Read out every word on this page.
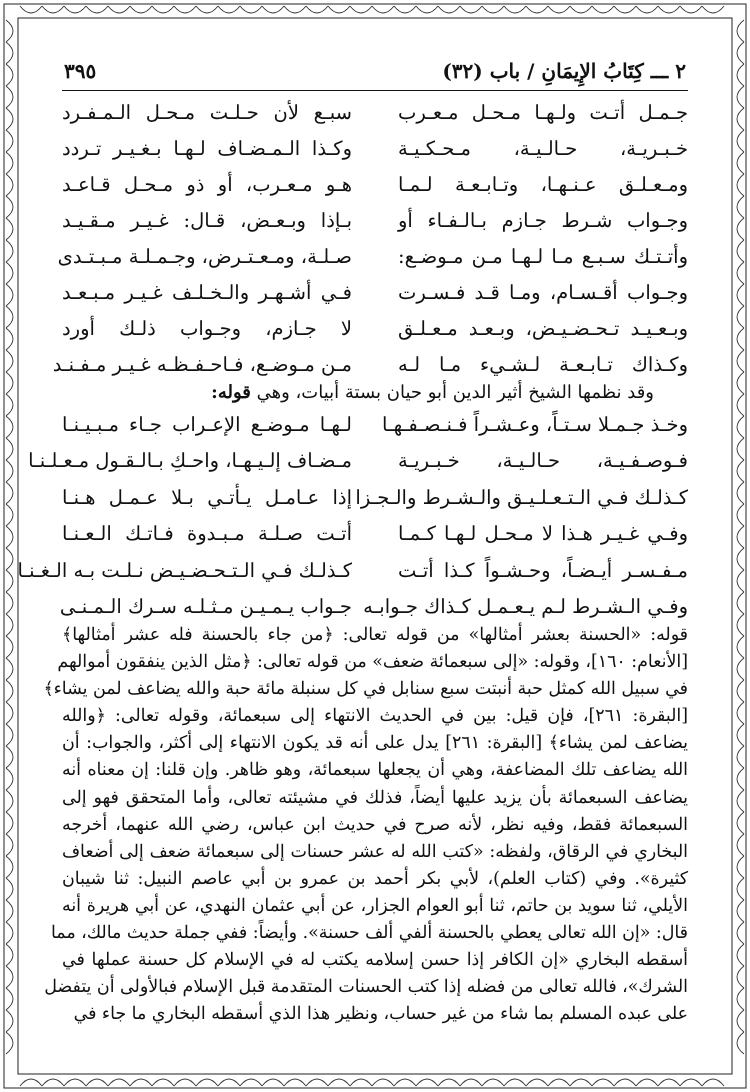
٢ ـــ كِتَابُ الإِيمَانِ / باب (٣٢)
٣٩٥
جـمـل أتـت ولـهـا مـحـل مـعـرب
سبـع لأن حـلـت مـحـل الـمـفـرد
خـبـريـة، حـالـيـة، مـحـكـيـة
وكـذا الـمـضـاف لـهـا بـغـيـر تـردد
ومـعـلـق عـنـهـا، وتـابـعـة لـمـا
هـو مـعـرب، أو ذو مـحـل قـاعـد
وجـواب شـرط جـازم بـالـفـاء أو
بـإذا وبـعـض، قـال: غـيـر مـقـيـد
وأتـتـك سـبـع مـا لـهـا مـن مـوضـع:
صـلـة، ومـعـتـرض، وجـمـلـة مـبـتـدى
وجـواب أقـسـام، ومـا قـد فـسـرت
فـي أشـهـر والـخـلـف غـيـر مـبـعـد
وبـعـيـد تـحـضـيـض، وبـعـد مـعـلـق
لا جـازم، وجـواب ذلـك أورد
وكـذاك تـابـعـة لـشـيء مـا لـه
مـن مـوضـع، فـاحـفـظـه غـيـر مـفـنـد
وقد نظمها الشيخ أثير الدين أبو حيان بستة أبيات، وهي قوله:
وخـذ جـمـلا سـتـاً، وعـشـراً فـنـصـفـهـا
لـهـا مـوضـع الإعـراب جـاء مـبـيـنـا
فـوصـفـيـة، حـالـيـة، خـبـريـة
مـضـاف إلـيـهـا، واحـكِ بـالـقـول مـعـلـنـا
كـذلـك فـي الـتـعـلـيـق والـشـرط والـجـزا
إذا عـامـل يـأتـي بـلا عـمـل هـنـا
وفـي غـيـر هـذا لا مـحـل لـهـا كـمـا
أتـت صـلـة مـبـدوة فـاتـك الـعـنـا
مـفـسـر أيـضـاً، وحـشـواً كـذا أتـت
كـذلـك فـي الـتـحـضـيـض نـلـت بـه الـغـنـا
وفـي الـشـرط لـم يـعـمـل كـذاك جـوابـه
جـواب يـمـيـن مـثـلـه سـرك الـمـنـى
قوله: «الحسنة بعشر أمثالها» من قوله تعالى: ﴿من جاء بالحسنة فله عشر أمثالها﴾
[الأنعام: ١٦٠]، وقوله: «إلى سبعمائة ضعف» من قوله تعالى: ﴿مثل الذين ينفقون أموالهم
في سبيل الله كمثل حبة أنبتت سبع سنابل في كل سنبلة مائة حبة والله يضاعف لمن يشاء﴾
[البقرة: ٢٦١]، فإن قيل: بين في الحديث الانتهاء إلى سبعمائة، وقوله تعالى: ﴿والله
يضاعف لمن يشاء﴾ [البقرة: ٢٦١] يدل على أنه قد يكون الانتهاء إلى أكثر، والجواب: أن
الله يضاعف تلك المضاعفة، وهي أن يجعلها سبعمائة، وهو ظاهر. وإن قلنا: إن معناه أنه
يضاعف السبعمائة بأن يزيد عليها أيضاً، فذلك في مشيئته تعالى، وأما المتحقق فهو إلى
السبعمائة فقط، وفيه نظر، لأنه صرح في حديث ابن عباس، رضي الله عنهما، أخرجه
البخاري في الرقاق، ولفظه: «كتب الله له عشر حسنات إلى سبعمائة ضعف إلى أضعاف
كثيرة». وفي (كتاب العلم)، لأبي بكر أحمد بن عمرو بن أبي عاصم النبيل: ثنا شيبان
الأيلي، ثنا سويد بن حاتم، ثنا أبو العوام الجزار، عن أبي عثمان النهدي، عن أبي هريرة أنه
قال: «إن الله تعالى يعطي بالحسنة ألفي ألف حسنة». وأيضاً: ففي جملة حديث مالك، مما
أسقطه البخاري «إن الكافر إذا حسن إسلامه يكتب له في الإسلام كل حسنة عملها في
الشرك»، فالله تعالى من فضله إذا كتب الحسنات المتقدمة قبل الإسلام فبالأولى أن يتفضل
على عبده المسلم بما شاء من غير حساب، ونظير هذا الذي أسقطه البخاري ما جاء في
